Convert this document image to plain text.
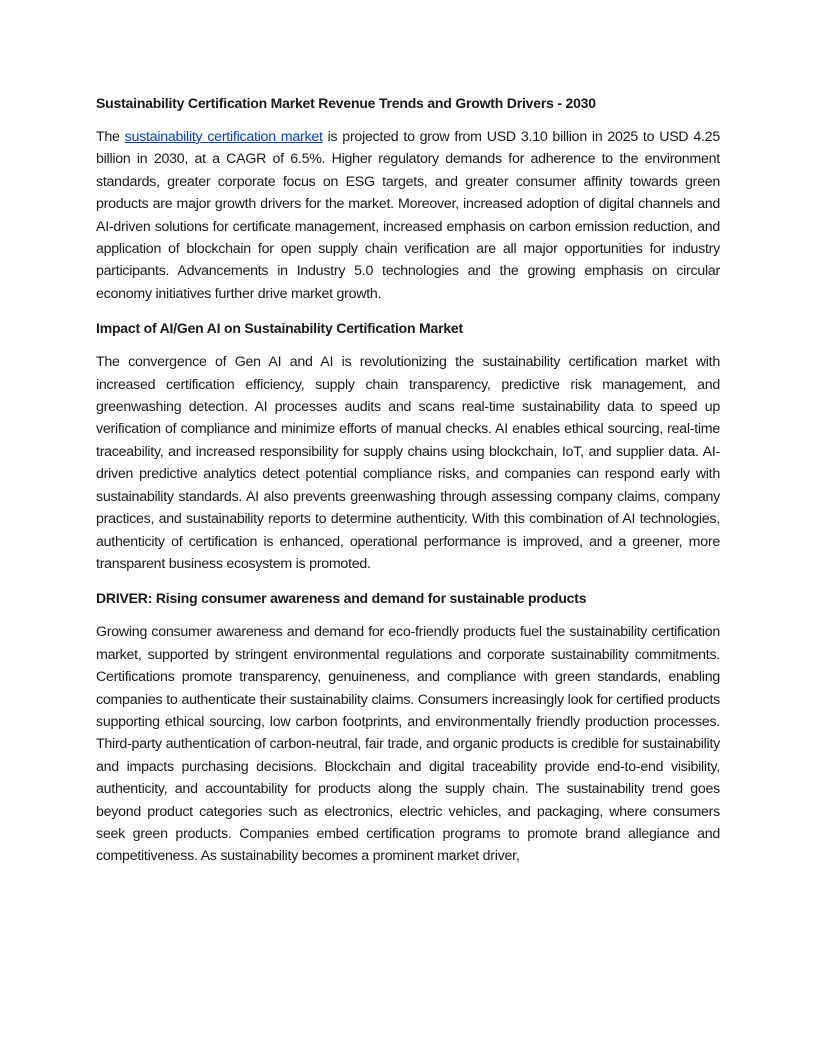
Sustainability Certification Market Revenue Trends and Growth Drivers - 2030

The sustainability certification market is projected to grow from USD 3.10 billion in 2025 to USD 4.25 billion in 2030, at a CAGR of 6.5%. Higher regulatory demands for adherence to the environment standards, greater corporate focus on ESG targets, and greater consumer affinity towards green products are major growth drivers for the market. Moreover, increased adoption of digital channels and AI-driven solutions for certificate management, increased emphasis on carbon emission reduction, and application of blockchain for open supply chain verification are all major opportunities for industry participants. Advancements in Industry 5.0 technologies and the growing emphasis on circular economy initiatives further drive market growth.

Impact of AI/Gen AI on Sustainability Certification Market

The convergence of Gen AI and AI is revolutionizing the sustainability certification market with increased certification efficiency, supply chain transparency, predictive risk management, and greenwashing detection. AI processes audits and scans real-time sustainability data to speed up verification of compliance and minimize efforts of manual checks. AI enables ethical sourcing, real-time traceability, and increased responsibility for supply chains using blockchain, IoT, and supplier data. AI-driven predictive analytics detect potential compliance risks, and companies can respond early with sustainability standards. AI also prevents greenwashing through assessing company claims, company practices, and sustainability reports to determine authenticity. With this combination of AI technologies, authenticity of certification is enhanced, operational performance is improved, and a greener, more transparent business ecosystem is promoted.

DRIVER: Rising consumer awareness and demand for sustainable products

Growing consumer awareness and demand for eco-friendly products fuel the sustainability certification market, supported by stringent environmental regulations and corporate sustainability commitments. Certifications promote transparency, genuineness, and compliance with green standards, enabling companies to authenticate their sustainability claims. Consumers increasingly look for certified products supporting ethical sourcing, low carbon footprints, and environmentally friendly production processes. Third-party authentication of carbon-neutral, fair trade, and organic products is credible for sustainability and impacts purchasing decisions. Blockchain and digital traceability provide end-to-end visibility, authenticity, and accountability for products along the supply chain. The sustainability trend goes beyond product categories such as electronics, electric vehicles, and packaging, where consumers seek green products. Companies embed certification programs to promote brand allegiance and competitiveness. As sustainability becomes a prominent market driver,
